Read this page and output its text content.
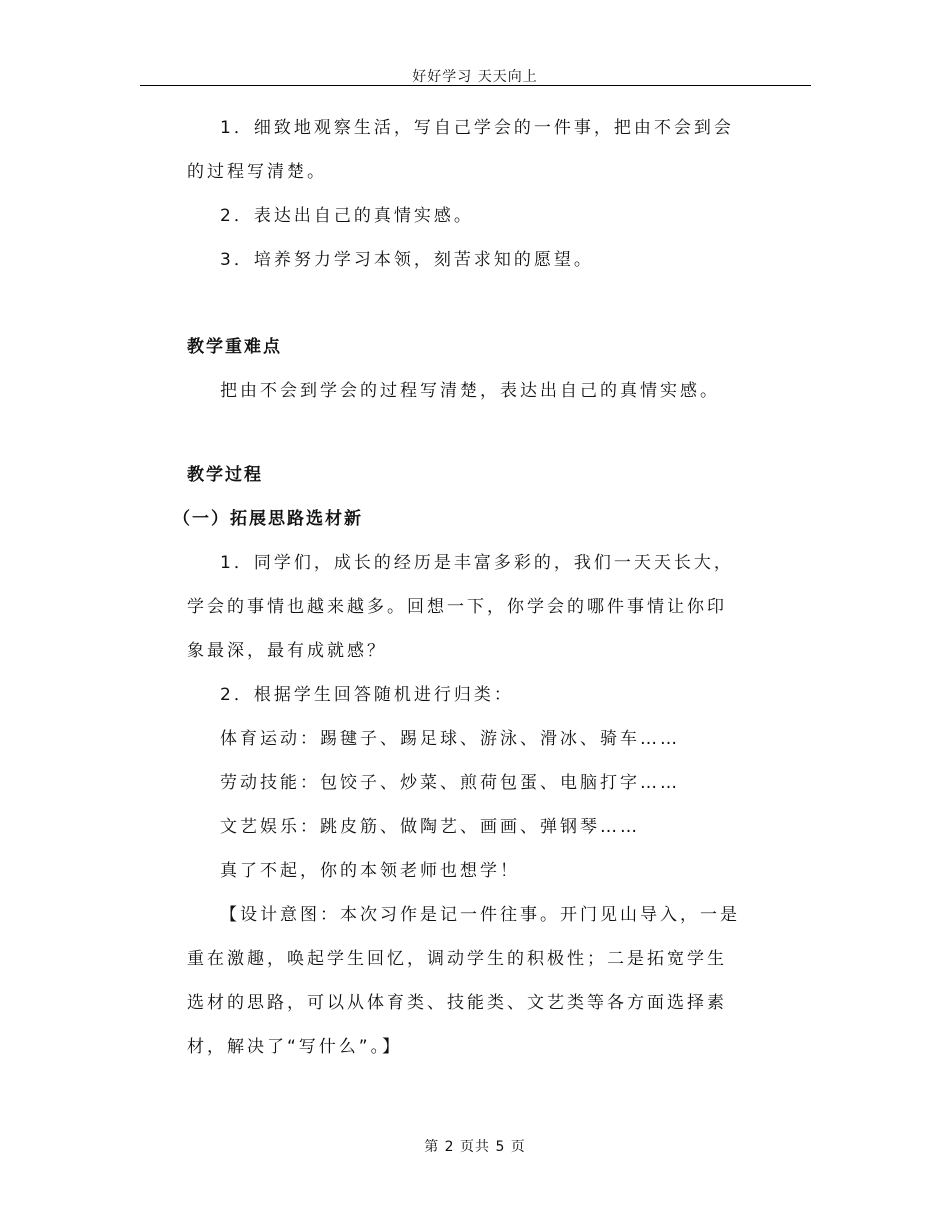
好好学习 天天向上
1．细致地观察生活，写自己学会的一件事，把由不会到会
的过程写清楚。
2．表达出自己的真情实感。
3．培养努力学习本领，刻苦求知的愿望。
教学重难点
把由不会到学会的过程写清楚，表达出自己的真情实感。
教学过程
（一）拓展思路选材新
1．同学们，成长的经历是丰富多彩的，我们一天天长大，
学会的事情也越来越多。回想一下，你学会的哪件事情让你印
象最深，最有成就感？
2．根据学生回答随机进行归类：
体育运动：踢毽子、踢足球、游泳、滑冰、骑车……
劳动技能：包饺子、炒菜、煎荷包蛋、电脑打字……
文艺娱乐：跳皮筋、做陶艺、画画、弹钢琴……
真了不起，你的本领老师也想学！
【设计意图：本次习作是记一件往事。开门见山导入，一是
重在激趣，唤起学生回忆，调动学生的积极性；二是拓宽学生
选材的思路，可以从体育类、技能类、文艺类等各方面选择素
材，解决了“写什么”。】
第 2 页共 5 页
